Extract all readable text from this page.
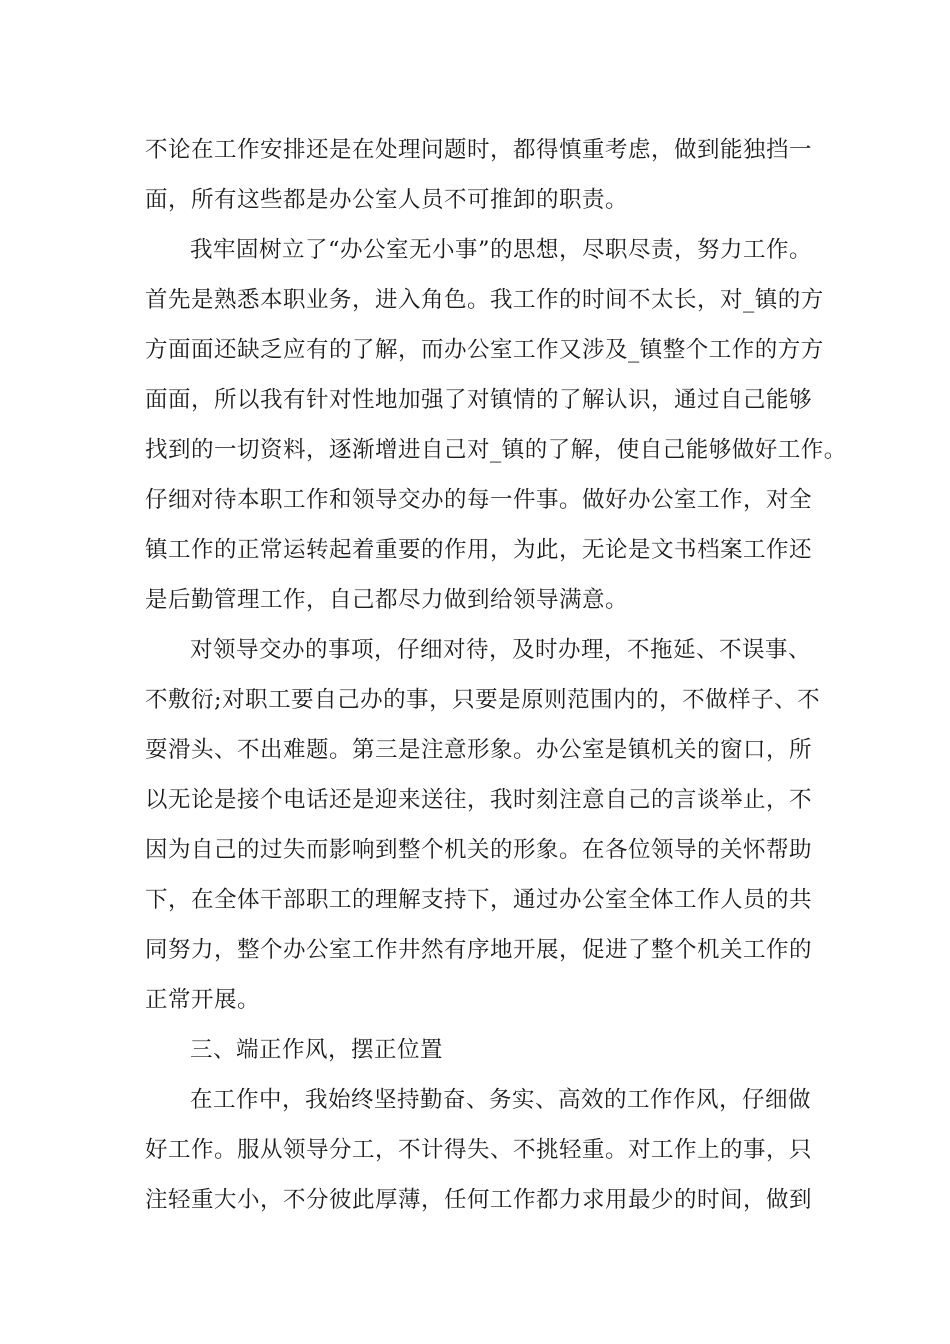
不论在工作安排还是在处理问题时，都得慎重考虑，做到能独挡一
面，所有这些都是办公室人员不可推卸的职责。
我牢固树立了“办公室无小事”的思想，尽职尽责，努力工作。
首先是熟悉本职业务，进入角色。我工作的时间不太长，对_镇的方
方面面还缺乏应有的了解，而办公室工作又涉及_镇整个工作的方方
面面，所以我有针对性地加强了对镇情的了解认识，通过自己能够
找到的一切资料，逐渐增进自己对_镇的了解，使自己能够做好工作。
仔细对待本职工作和领导交办的每一件事。做好办公室工作，对全
镇工作的正常运转起着重要的作用，为此，无论是文书档案工作还
是后勤管理工作，自己都尽力做到给领导满意。
对领导交办的事项，仔细对待，及时办理，不拖延、不误事、
不敷衍;对职工要自己办的事，只要是原则范围内的，不做样子、不
耍滑头、不出难题。第三是注意形象。办公室是镇机关的窗口，所
以无论是接个电话还是迎来送往，我时刻注意自己的言谈举止，不
因为自己的过失而影响到整个机关的形象。在各位领导的关怀帮助
下，在全体干部职工的理解支持下，通过办公室全体工作人员的共
同努力，整个办公室工作井然有序地开展，促进了整个机关工作的
正常开展。
三、端正作风，摆正位置
在工作中，我始终坚持勤奋、务实、高效的工作作风，仔细做
好工作。服从领导分工，不计得失、不挑轻重。对工作上的事，只
注轻重大小，不分彼此厚薄，任何工作都力求用最少的时间，做到
